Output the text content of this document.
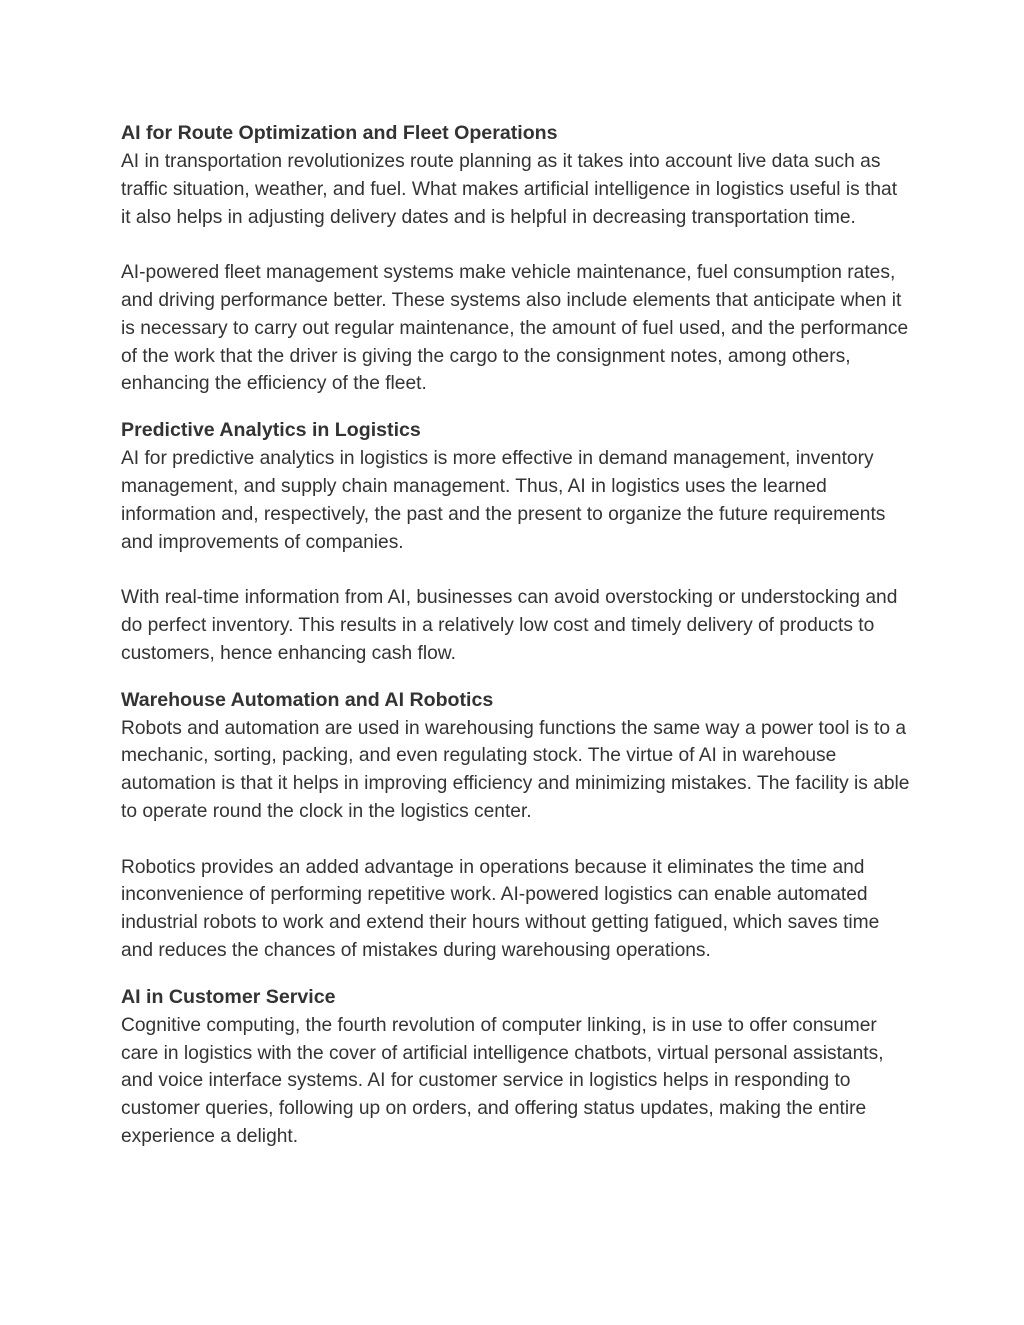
AI for Route Optimization and Fleet Operations

AI in transportation revolutionizes route planning as it takes into account live data such as traffic situation, weather, and fuel. What makes artificial intelligence in logistics useful is that it also helps in adjusting delivery dates and is helpful in decreasing transportation time.

AI-powered fleet management systems make vehicle maintenance, fuel consumption rates, and driving performance better. These systems also include elements that anticipate when it is necessary to carry out regular maintenance, the amount of fuel used, and the performance of the work that the driver is giving the cargo to the consignment notes, among others, enhancing the efficiency of the fleet.

Predictive Analytics in Logistics

AI for predictive analytics in logistics is more effective in demand management, inventory management, and supply chain management. Thus, AI in logistics uses the learned information and, respectively, the past and the present to organize the future requirements and improvements of companies.

With real-time information from AI, businesses can avoid overstocking or understocking and do perfect inventory. This results in a relatively low cost and timely delivery of products to customers, hence enhancing cash flow.

Warehouse Automation and AI Robotics

Robots and automation are used in warehousing functions the same way a power tool is to a mechanic, sorting, packing, and even regulating stock. The virtue of AI in warehouse automation is that it helps in improving efficiency and minimizing mistakes. The facility is able to operate round the clock in the logistics center.

Robotics provides an added advantage in operations because it eliminates the time and inconvenience of performing repetitive work. AI-powered logistics can enable automated industrial robots to work and extend their hours without getting fatigued, which saves time and reduces the chances of mistakes during warehousing operations.

AI in Customer Service

Cognitive computing, the fourth revolution of computer linking, is in use to offer consumer care in logistics with the cover of artificial intelligence chatbots, virtual personal assistants, and voice interface systems. AI for customer service in logistics helps in responding to customer queries, following up on orders, and offering status updates, making the entire experience a delight.
